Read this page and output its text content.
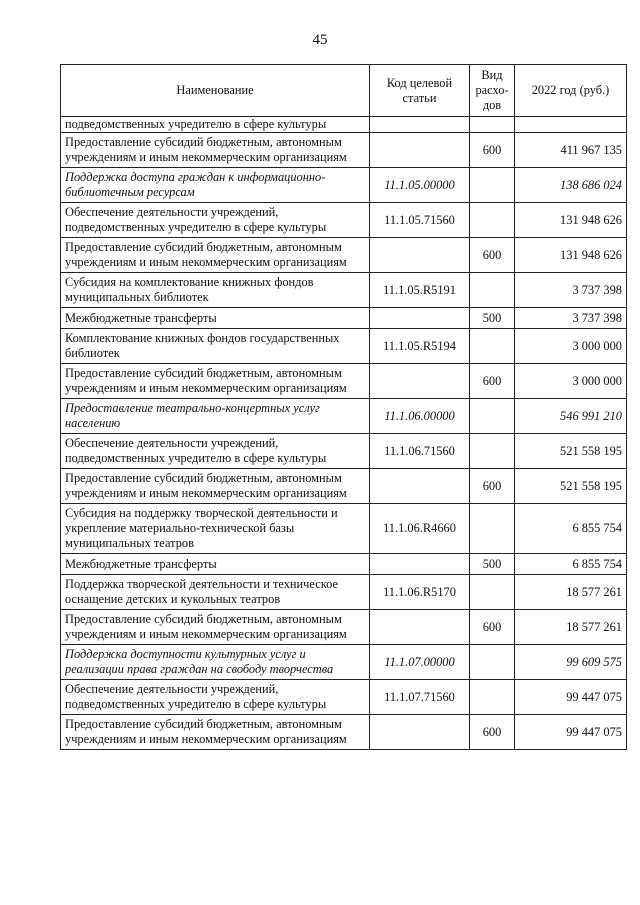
45
Наименование	Код целевой статьи	Вид расхо-дов	2022 год (руб.)
подведомственных учредителю в сфере культуры			
Предоставление субсидий бюджетным, автономным учреждениям и иным некоммерческим организациям		600	411 967 135
Поддержка доступа граждан к информационно-библиотечным ресурсам	11.1.05.00000		138 686 024
Обеспечение деятельности учреждений, подведомственных учредителю в сфере культуры	11.1.05.71560		131 948 626
Предоставление субсидий бюджетным, автономным учреждениям и иным некоммерческим организациям		600	131 948 626
Субсидия на комплектование книжных фондов муниципальных библиотек	11.1.05.R5191		3 737 398
Межбюджетные трансферты		500	3 737 398
Комплектование книжных фондов государственных библиотек	11.1.05.R5194		3 000 000
Предоставление субсидий бюджетным, автономным учреждениям и иным некоммерческим организациям		600	3 000 000
Предоставление театрально-концертных услуг населению	11.1.06.00000		546 991 210
Обеспечение деятельности учреждений, подведомственных учредителю в сфере культуры	11.1.06.71560		521 558 195
Предоставление субсидий бюджетным, автономным учреждениям и иным некоммерческим организациям		600	521 558 195
Субсидия на поддержку творческой деятельности и укрепление материально-технической базы муниципальных театров	11.1.06.R4660		6 855 754
Межбюджетные трансферты		500	6 855 754
Поддержка творческой деятельности и техническое оснащение детских и кукольных театров	11.1.06.R5170		18 577 261
Предоставление субсидий бюджетным, автономным учреждениям и иным некоммерческим организациям		600	18 577 261
Поддержка доступности культурных услуг и реализации права граждан на свободу творчества	11.1.07.00000		99 609 575
Обеспечение деятельности учреждений, подведомственных учредителю в сфере культуры	11.1.07.71560		99 447 075
Предоставление субсидий бюджетным, автономным учреждениям и иным некоммерческим организациям		600	99 447 075
